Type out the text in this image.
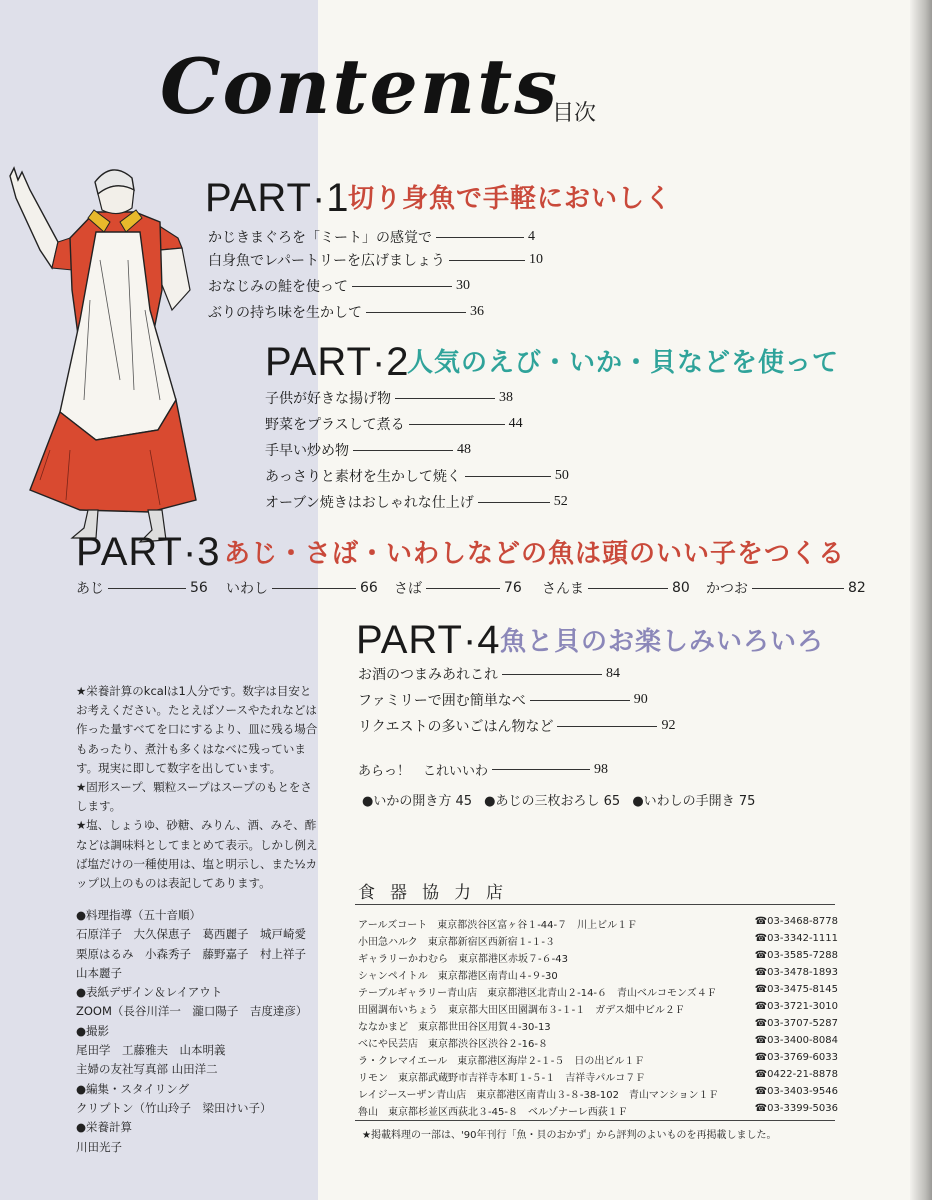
Contents
目次
PART·1
切り身魚で手軽においしく
かじきまぐろを「ミート」の感覚で	4
白身魚でレパートリーを広げましょう	10
おなじみの鮭を使って	30
ぶりの持ち味を生かして	36
PART·2
人気のえび・いか・貝などを使って
子供が好きな揚げ物	38
野菜をプラスして煮る	44
手早い炒め物	48
あっさりと素材を生かして焼く	50
オーブン焼きはおしゃれな仕上げ	52
PART·3 あじ・さば・いわしなどの魚は頭のいい子をつくる
あじ	56 いわし	66 さば	76 さんま	80 かつお	82
PART·4 魚と貝のお楽しみいろいろ
お酒のつまみあれこれ	84
ファミリーで囲む簡単なべ	90
リクエストの多いごはん物など	92
あらっ！　これいいわ	98
●いかの開き方 45 ●あじの三枚おろし 65 ●いわしの手開き 75

★栄養計算のkcalは1人分です。数字は目安とお考えください。たとえばソースやたれなどは作った量すべてを口にするより、皿に残る場合もあったり、煮汁も多くはなべに残っています。現実に即して数字を出しています。

★固形スープ、顆粒スープはスープのもとをさします。

★塩、しょうゆ、砂糖、みりん、酒、みそ、酢などは調味料としてまとめて表示。しかし例えば塩だけの一種使用は、塩と明示し、また½カップ以上のものは表記してあります。

●料理指導（五十音順）

石原洋子　大久保恵子　葛西麗子　城戸崎愛

栗原はるみ　小森秀子　藤野嘉子　村上祥子

山本麗子

●表紙デザイン＆レイアウト

ZOOM（長谷川洋一　瀧口陽子　吉度達彦）

●撮影

尾田学　工藤雅夫　山本明義

主婦の友社写真部 山田洋二

●編集・スタイリング

クリプトン（竹山玲子　梁田けい子）

●栄養計算

川田光子

食器協力店
アールズコート　東京都渋谷区富ヶ谷１-44-７　川上ビル１Ｆ	☎03-3468-8778
小田急ハルク　東京都新宿区西新宿１-１-３	☎03-3342-1111
ギャラリーかわむら　東京都港区赤坂７-６-43	☎03-3585-7288
シャンペイトル　東京都港区南青山４-９-30	☎03-3478-1893
テーブルギャラリー青山店　東京都港区北青山２-14-６　青山ベルコモンズ４Ｆ	☎03-3475-8145
田園調布いちょう　東京都大田区田園調布３-１-１　ガデス畑中ビル２Ｆ	☎03-3721-3010
ななかまど　東京都世田谷区用賀４-30-13	☎03-3707-5287
べにや民芸店　東京都渋谷区渋谷２-16-８	☎03-3400-8084
ラ・クレマイエール　東京都港区海岸２-１-５　日の出ビル１Ｆ	☎03-3769-6033
リモン　東京都武蔵野市吉祥寺本町１-５-１　吉祥寺パルコ７Ｆ	☎0422-21-8878
レイジースーザン青山店　東京都港区南青山３-８-38-102　青山マンション１Ｆ	☎03-3403-9546
魯山　東京都杉並区西荻北３-45-８　ベルゾナーレ西荻１Ｆ	☎03-3399-5036
★掲載料理の一部は、'90年刊行「魚・貝のおかず」から評判のよいものを再掲載しました。
